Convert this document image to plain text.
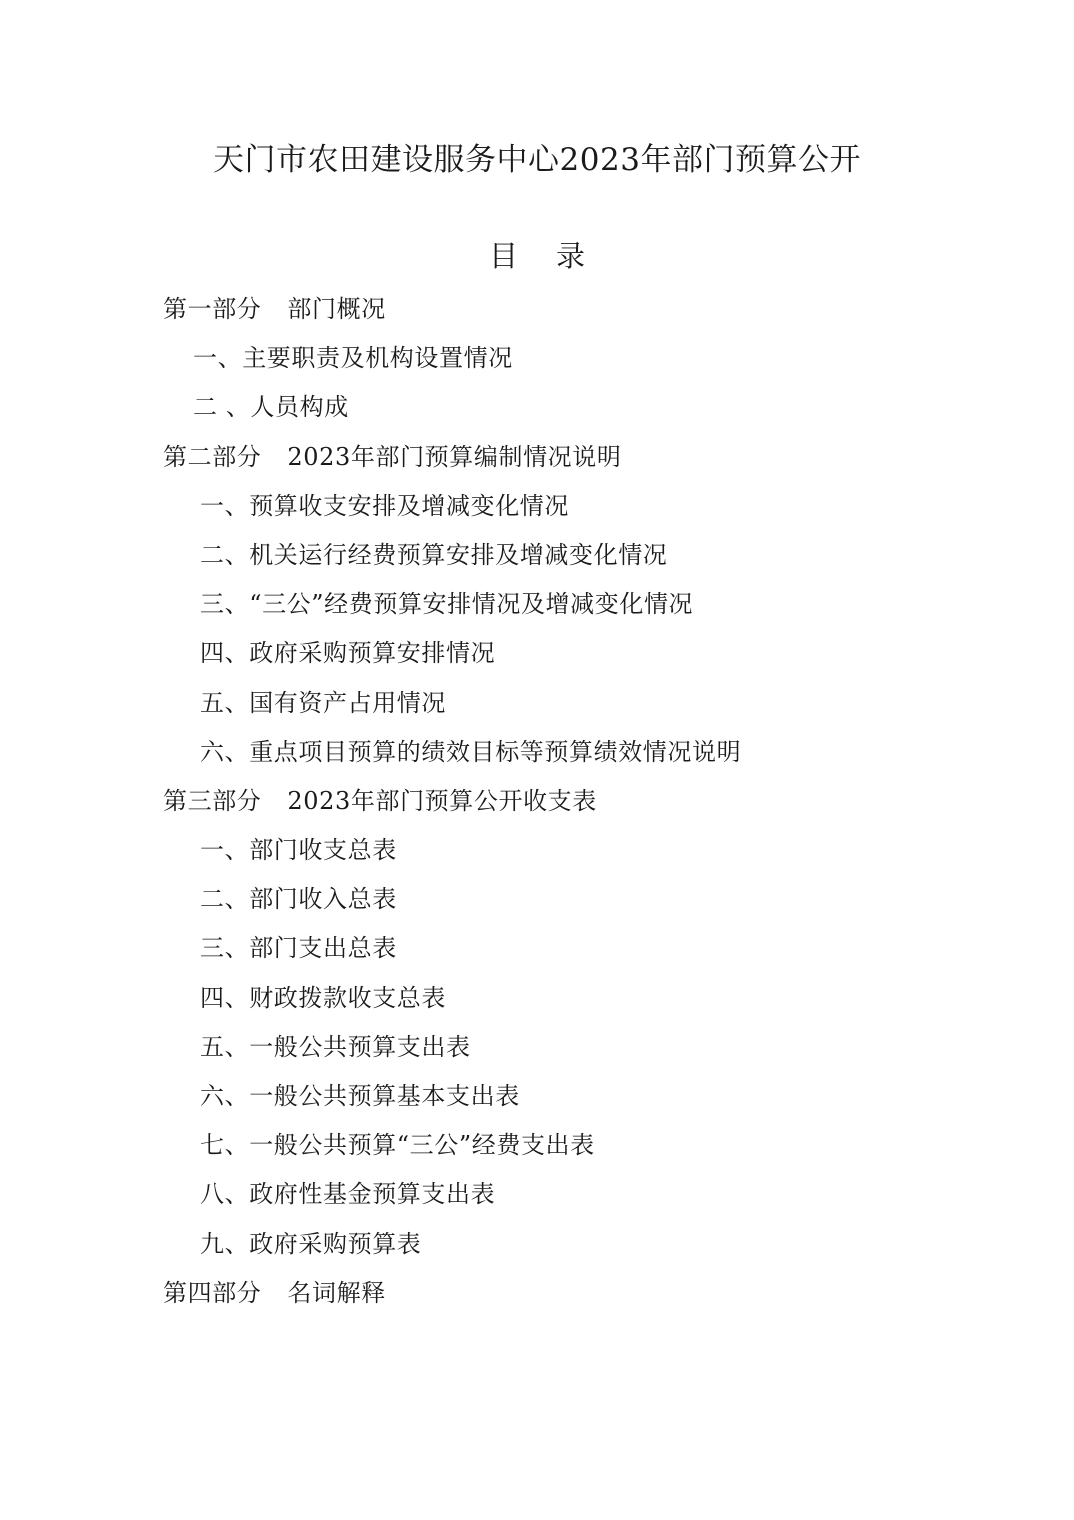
天门市农田建设服务中心2023年部门预算公开
目 录
第一部分 部门概况
一、主要职责及机构设置情况
二 、人员构成
第二部分 2023年部门预算编制情况说明
一、预算收支安排及增减变化情况
二、机关运行经费预算安排及增减变化情况
三、“三公”经费预算安排情况及增减变化情况
四、政府采购预算安排情况
五、国有资产占用情况
六、重点项目预算的绩效目标等预算绩效情况说明
第三部分 2023年部门预算公开收支表
一、部门收支总表
二、部门收入总表
三、部门支出总表
四、财政拨款收支总表
五、一般公共预算支出表
六、一般公共预算基本支出表
七、一般公共预算“三公”经费支出表
八、政府性基金预算支出表
九、政府采购预算表
第四部分 名词解释
